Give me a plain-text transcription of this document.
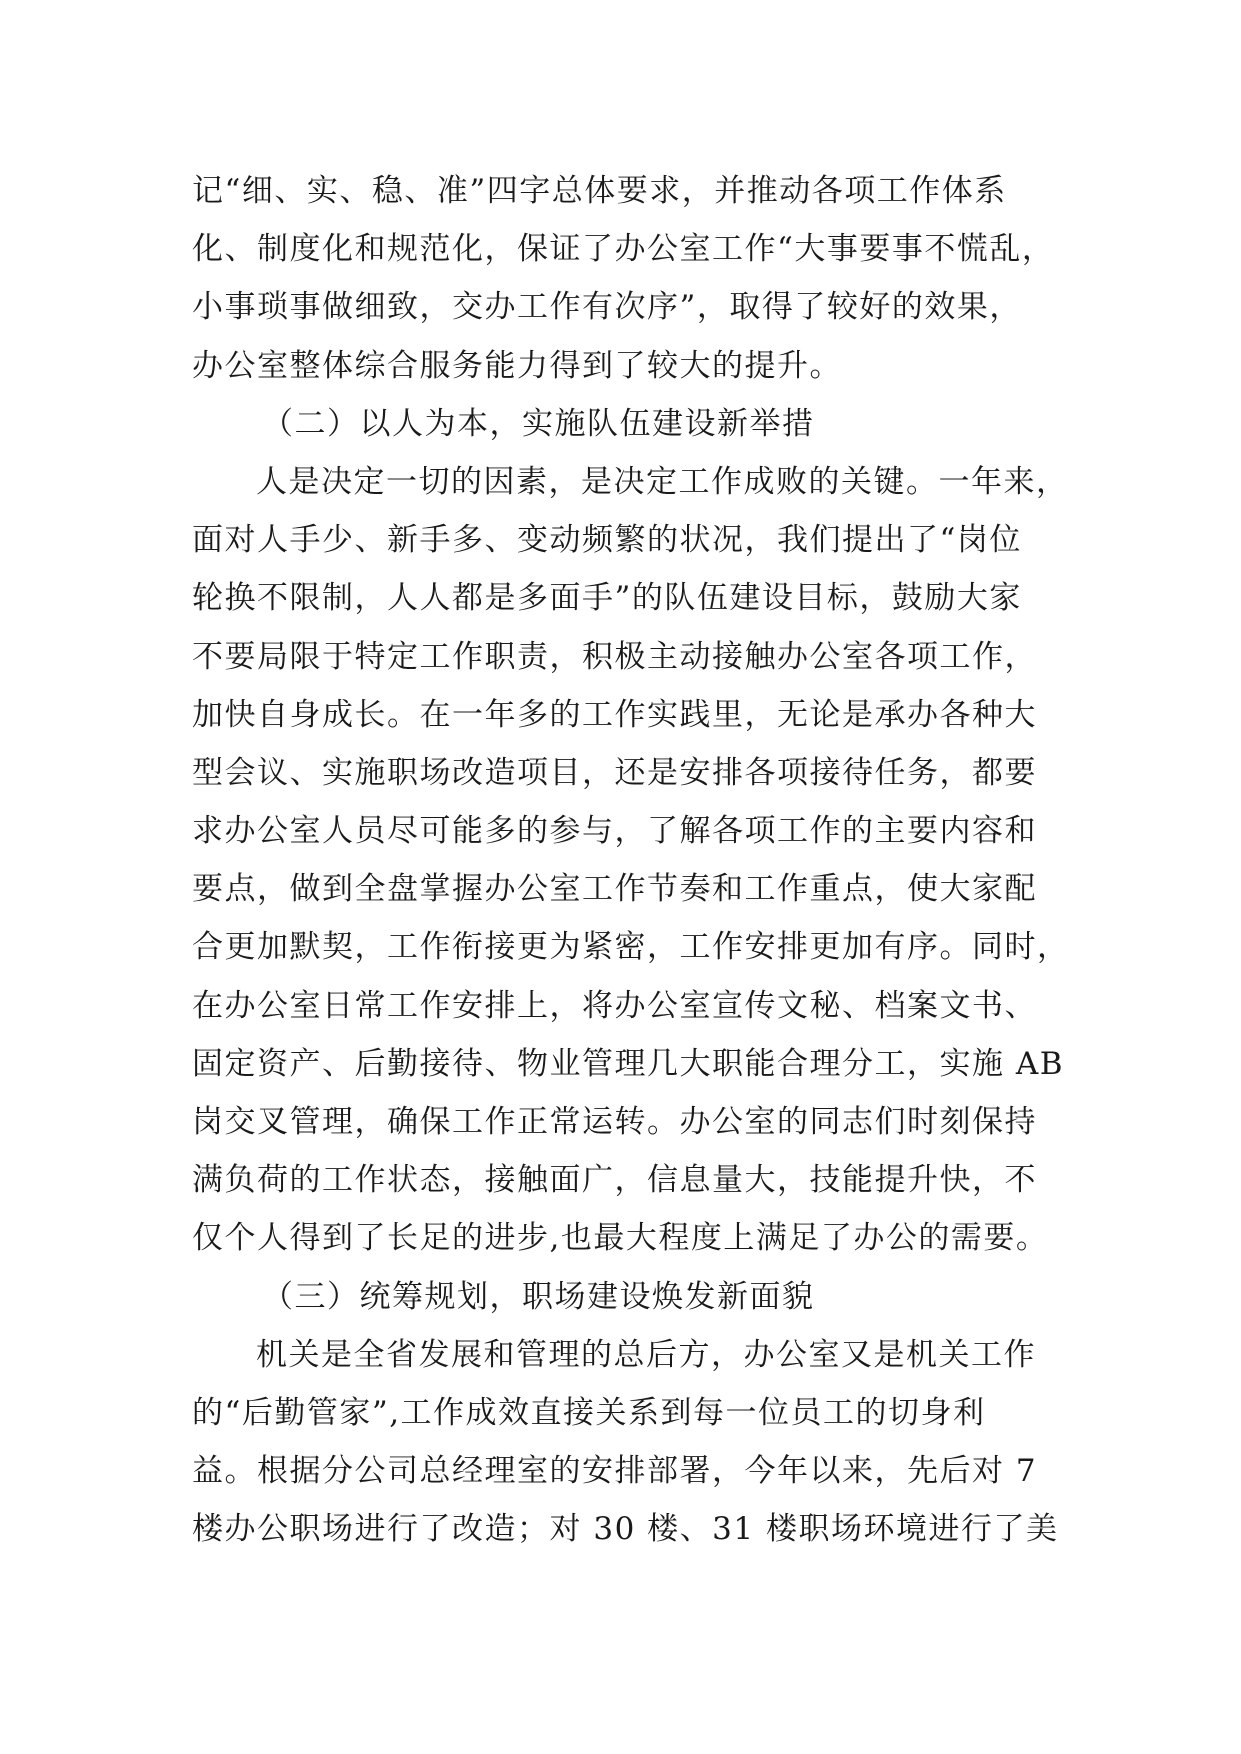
记“细、实、稳、准”四字总体要求，并推动各项工作体系
化、制度化和规范化，保证了办公室工作“大事要事不慌乱，
小事琐事做细致，交办工作有次序”，取得了较好的效果，
办公室整体综合服务能力得到了较大的提升。
（二）以人为本，实施队伍建设新举措
人是决定一切的因素，是决定工作成败的关键。一年来，
面对人手少、新手多、变动频繁的状况，我们提出了“岗位
轮换不限制，人人都是多面手”的队伍建设目标，鼓励大家
不要局限于特定工作职责，积极主动接触办公室各项工作，
加快自身成长。在一年多的工作实践里，无论是承办各种大
型会议、实施职场改造项目，还是安排各项接待任务，都要
求办公室人员尽可能多的参与，了解各项工作的主要内容和
要点，做到全盘掌握办公室工作节奏和工作重点，使大家配
合更加默契，工作衔接更为紧密，工作安排更加有序。同时，
在办公室日常工作安排上，将办公室宣传文秘、档案文书、
固定资产、后勤接待、物业管理几大职能合理分工，实施 AB
岗交叉管理，确保工作正常运转。办公室的同志们时刻保持
满负荷的工作状态，接触面广，信息量大，技能提升快，不
仅个人得到了长足的进步,也最大程度上满足了办公的需要。
（三）统筹规划，职场建设焕发新面貌
机关是全省发展和管理的总后方，办公室又是机关工作
的“后勤管家”,工作成效直接关系到每一位员工的切身利
益。根据分公司总经理室的安排部署，今年以来，先后对 7
楼办公职场进行了改造；对 30 楼、31 楼职场环境进行了美
